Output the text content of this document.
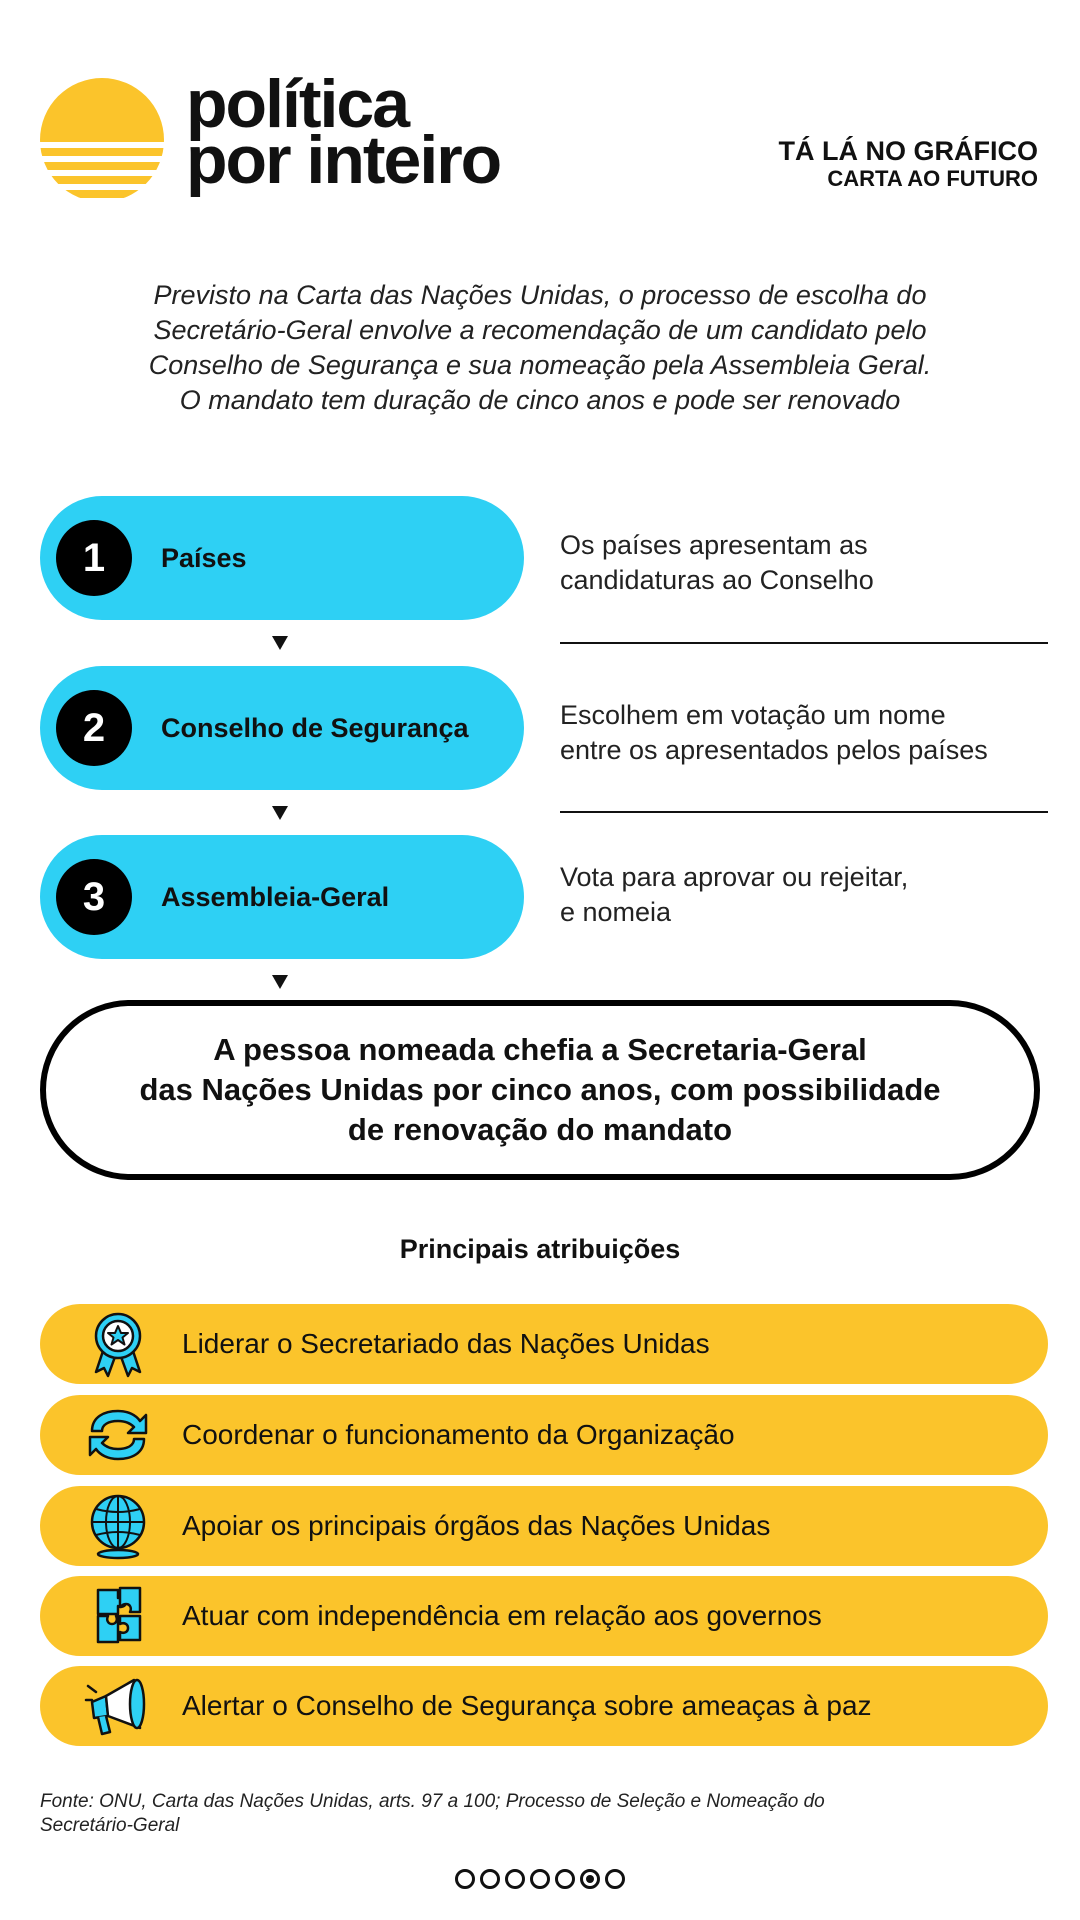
política
por inteiro	TÁ LÁ NO GRÁFICO
CARTA AO FUTURO
Previsto na Carta das Nações Unidas, o processo de escolha do
Secretário-Geral envolve a recomendação de um candidato pelo
Conselho de Segurança e sua nomeação pela Assembleia Geral.
O mandato tem duração de cinco anos e pode ser renovado
1	Países	Os países apresentam as
candidaturas ao Conselho
2	Conselho de Segurança	Escolhem em votação um nome
entre os apresentados pelos países
3	Assembleia-Geral
Vota para aprovar ou rejeitar,
e nomeia
A pessoa nomeada chefia a Secretaria-Geral
das Nações Unidas por cinco anos, com possibilidade
de renovação do mandato
Principais atribuições
Liderar o Secretariado das Nações Unidas
Coordenar o funcionamento da Organização
Apoiar os principais órgãos das Nações Unidas
Atuar com independência em relação aos governos
Alertar o Conselho de Segurança sobre ameaças à paz
Fonte: ONU, Carta das Nações Unidas, arts. 97 a 100; Processo de Seleção e Nomeação do
Secretário-Geral
